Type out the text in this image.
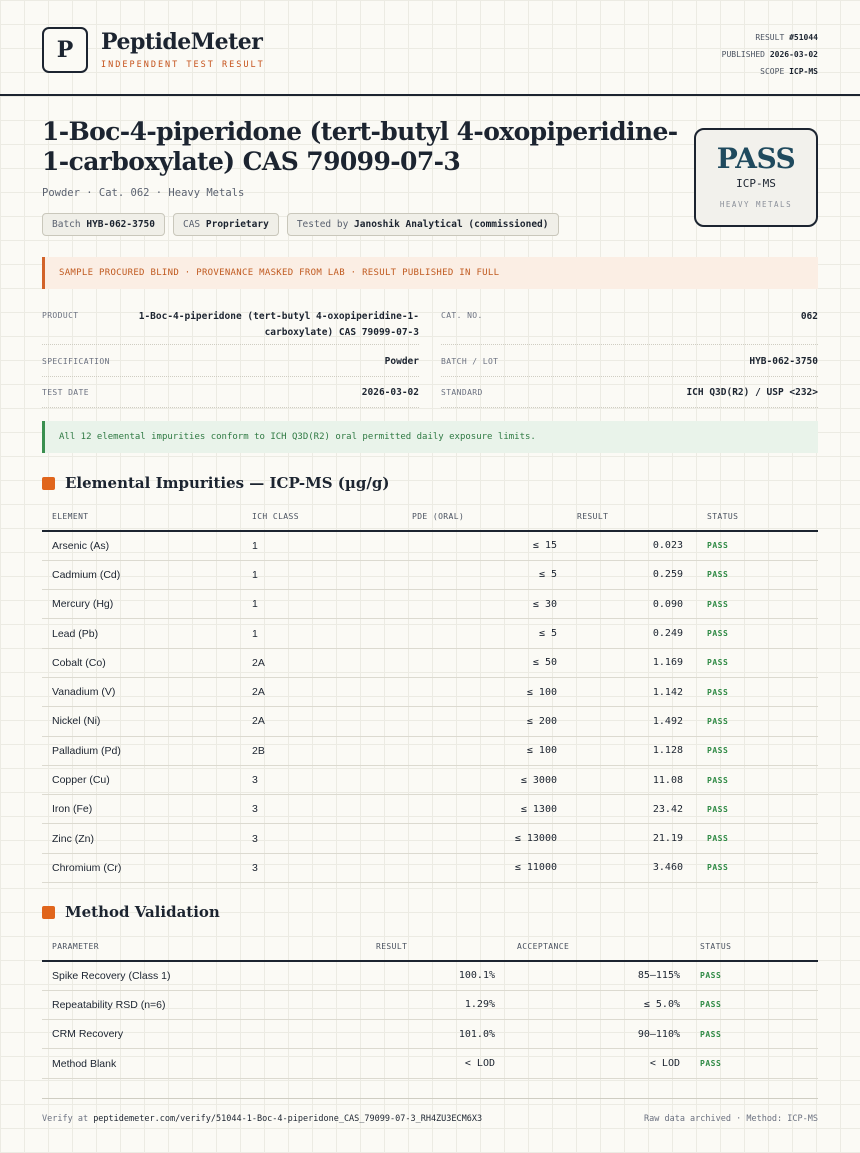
P	PeptideMeter
INDEPENDENT TEST RESULT
RESULT #51044
PUBLISHED 2026-03-02
SCOPE ICP-MS
1-Boc-4-piperidone (tert-butyl 4-oxopiperidine-1-carboxylate) CAS 79099-07-3
Powder · Cat. 062 · Heavy Metals
Batch HYB-062-3750	CAS Proprietary	Tested by Janoshik Analytical (commissioned)
PASS
ICP-MS
HEAVY METALS
SAMPLE PROCURED BLIND · PROVENANCE MASKED FROM LAB · RESULT PUBLISHED IN FULL
PRODUCT	1-Boc-4-piperidone (tert-butyl 4-oxopiperidine-1-carboxylate) CAS 79099-07-3
CAT. NO.	062
SPECIFICATION	Powder	BATCH / LOT	HYB-062-3750
TEST DATE	2026-03-02	STANDARD	ICH Q3D(R2) / USP <232>
All 12 elemental impurities conform to ICH Q3D(R2) oral permitted daily exposure limits.
Elemental Impurities — ICP-MS (µg/g)
ELEMENT	ICH CLASS	PDE (ORAL)	RESULT	STATUS
Arsenic (As)	1	≤ 15	0.023	PASS
Cadmium (Cd)	1	≤ 5	0.259	PASS
Mercury (Hg)	1	≤ 30	0.090	PASS
Lead (Pb)	1	≤ 5	0.249	PASS
Cobalt (Co)	2A	≤ 50	1.169	PASS
Vanadium (V)	2A	≤ 100	1.142	PASS
Nickel (Ni)	2A	≤ 200	1.492	PASS
Palladium (Pd)	2B	≤ 100	1.128	PASS
Copper (Cu)	3	≤ 3000	11.08	PASS
Iron (Fe)	3	≤ 1300	23.42	PASS
Zinc (Zn)	3	≤ 13000	21.19	PASS
Chromium (Cr)	3	≤ 11000	3.460	PASS
Method Validation
PARAMETER	RESULT	ACCEPTANCE	STATUS
Spike Recovery (Class 1)	100.1%	85–115%	PASS
Repeatability RSD (n=6)	1.29%	≤ 5.0%	PASS
CRM Recovery	101.0%	90–110%	PASS
Method Blank	< LOD	< LOD	PASS
Verify at peptidemeter.com/verify/51044-1-Boc-4-piperidone_CAS_79099-07-3_RH4ZU3ECM6X3	Raw data archived · Method: ICP-MS
